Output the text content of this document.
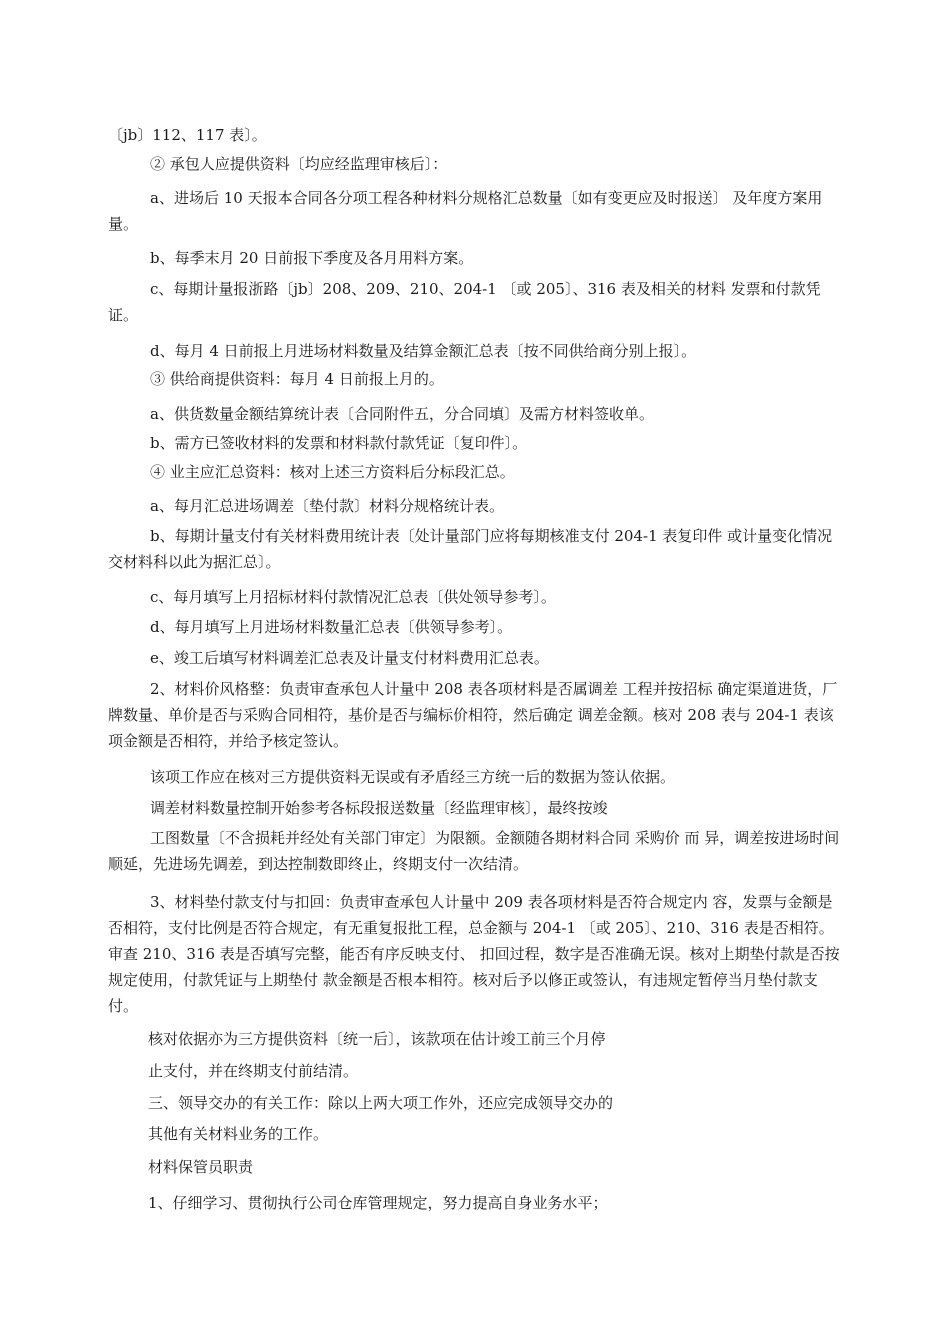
〔jb〕112、117 表〕。

② 承包人应提供资料〔均应经监理审核后〕：

a、进场后 10 天报本合同各分项工程各种材料分规格汇总数量〔如有变更应及时报送〕 及年度方案用量。

b、每季末月 20 日前报下季度及各月用料方案。

c、每期计量报浙路〔jb〕208、209、210、204-1 〔或 205〕、316 表及相关的材料 发票和付款凭证。

d、每月 4 日前报上月进场材料数量及结算金额汇总表〔按不同供给商分别上报〕。

③ 供给商提供资料：每月 4 日前报上月的。

a、供货数量金额结算统计表〔合同附件五，分合同填〕及需方材料签收单。

b、需方已签收材料的发票和材料款付款凭证〔复印件〕。

④ 业主应汇总资料：核对上述三方资料后分标段汇总。

a、每月汇总进场调差〔垫付款〕材料分规格统计表。

b、每期计量支付有关材料费用统计表〔处计量部门应将每期核准支付 204-1 表复印件 或计量变化情况交材料科以此为据汇总〕。

c、每月填写上月招标材料付款情况汇总表〔供处领导参考〕。

d、每月填写上月进场材料数量汇总表〔供领导参考〕。

e、竣工后填写材料调差汇总表及计量支付材料费用汇总表。

2、材料价风格整：负责审查承包人计量中 208 表各项材料是否属调差 工程并按招标 确定渠道进货，厂牌数量、单价是否与采购合同相符，基价是否与编标价相符，然后确定 调差金额。核对 208 表与 204-1 表该项金额是否相符，并给予核定签认。

该项工作应在核对三方提供资料无误或有矛盾经三方统一后的数据为签认依据。

调差材料数量控制开始参考各标段报送数量〔经监理审核〕，最终按竣

工图数量〔不含损耗并经处有关部门审定〕为限额。金额随各期材料合同 采购价 而 异，调差按进场时间顺延，先进场先调差，到达控制数即终止，终期支付一次结清。

3、材料垫付款支付与扣回：负责审查承包人计量中 209 表各项材料是否符合规定内 容，发票与金额是否相符，支付比例是否符合规定，有无重复报批工程，总金额与 204-1 〔或 205〕、210、316 表是否相符。审查 210、316 表是否填写完整，能否有序反映支付、 扣回过程，数字是否准确无误。核对上期垫付款是否按规定使用，付款凭证与上期垫付 款金额是否根本相符。核对后予以修正或签认，有违规定暂停当月垫付款支付。

核对依据亦为三方提供资料〔统一后〕，该款项在估计竣工前三个月停

止支付，并在终期支付前结清。

三、领导交办的有关工作：除以上两大项工作外，还应完成领导交办的

其他有关材料业务的工作。

材料保管员职责

1、仔细学习、贯彻执行公司仓库管理规定，努力提高自身业务水平；
